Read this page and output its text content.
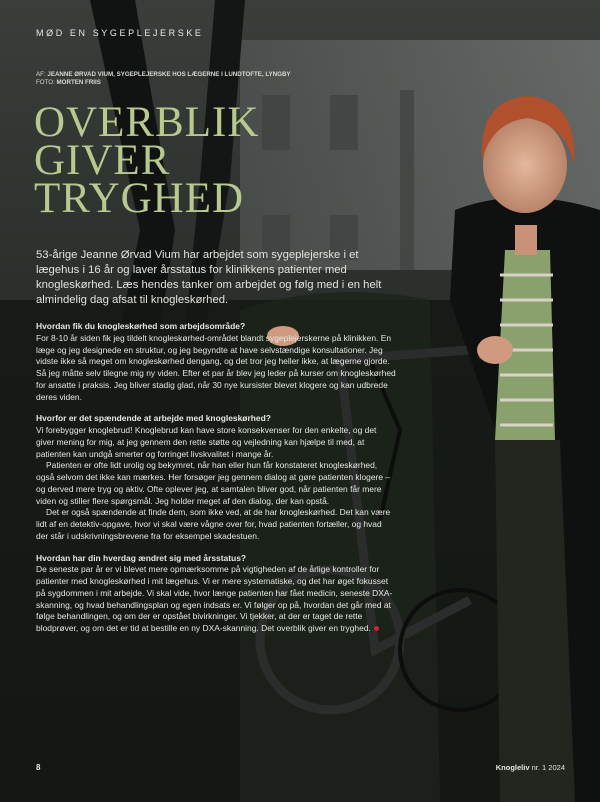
MØD EN SYGEPLEJERSKE
AF: JEANNE ØRVAD VIUM, SYGEPLEJERSKE HOS LÆGERNE I LUNDTOFTE, LYNGBY
FOTO: MORTEN FRIIS
OVERBLIK
GIVER
TRYGHED
53-årige Jeanne Ørvad Vium har arbejdet som sygeplejerske i et lægehus i 16 år og laver årsstatus for klinikkens patienter med knogleskørhed. Læs hendes tanker om arbejdet og følg med i en helt almindelig dag afsat til knogleskørhed.
Hvordan fik du knogleskørhed som arbejdsområde?

For 8-10 år siden fik jeg tildelt knogleskørhed-området blandt sygeplejerskerne på klinikken. En læge og jeg designede en struktur, og jeg begyndte at have selvstændige konsultationer. Jeg vidste ikke så meget om knogleskørhed dengang, og det tror jeg heller ikke, at lægerne gjorde. Så jeg måtte selv tilegne mig ny viden. Efter et par år blev jeg leder på kurser om knogleskørhed for ansatte i praksis. Jeg bliver stadig glad, når 30 nye kursister blevet klogere og kan udbrede deres viden.

Hvorfor er det spændende at arbejde med knogleskørhed?

Vi forebygger knoglebrud! Knoglebrud kan have store konsekvenser for den enkelte, og det giver mening for mig, at jeg gennem den rette støtte og vejledning kan hjælpe til med, at patienten kan undgå smerter og forringet livskvalitet i mange år.

Patienten er ofte lidt urolig og bekymret, når han eller hun får konstateret knogleskørhed, også selvom det ikke kan mærkes. Her forsøger jeg gennem dialog at gøre patienten klogere – og derved mere tryg og aktiv. Ofte oplever jeg, at samtalen bliver god, når patienten får mere viden og stiller flere spørgsmål. Jeg holder meget af den dialog, der kan opstå.

Det er også spændende at finde dem, som ikke ved, at de har knogleskørhed. Det kan være lidt af en detektiv-opgave, hvor vi skal være vågne over for, hvad patienten fortæller, og hvad der står i udskrivningsbrevene fra for eksempel skadestuen.

Hvordan har din hverdag ændret sig med årsstatus?

De seneste par år er vi blevet mere opmærksomme på vigtigheden af de årlige kontroller for patienter med knogleskørhed i mit lægehus. Vi er mere systematiske, og det har øget fokusset på sygdommen i mit arbejde. Vi skal vide, hvor længe patienten har fået medicin, seneste DXA-skanning, og hvad behandlingsplan og egen indsats er. Vi følger op på, hvordan det går med at følge behandlingen, og om der er opstået bivirkninger. Vi tjekker, at der er taget de rette blodprøver, og om det er tid at bestille en ny DXA-skanning. Det overblik giver en tryghed.

8	Knogleliv nr. 1 2024
